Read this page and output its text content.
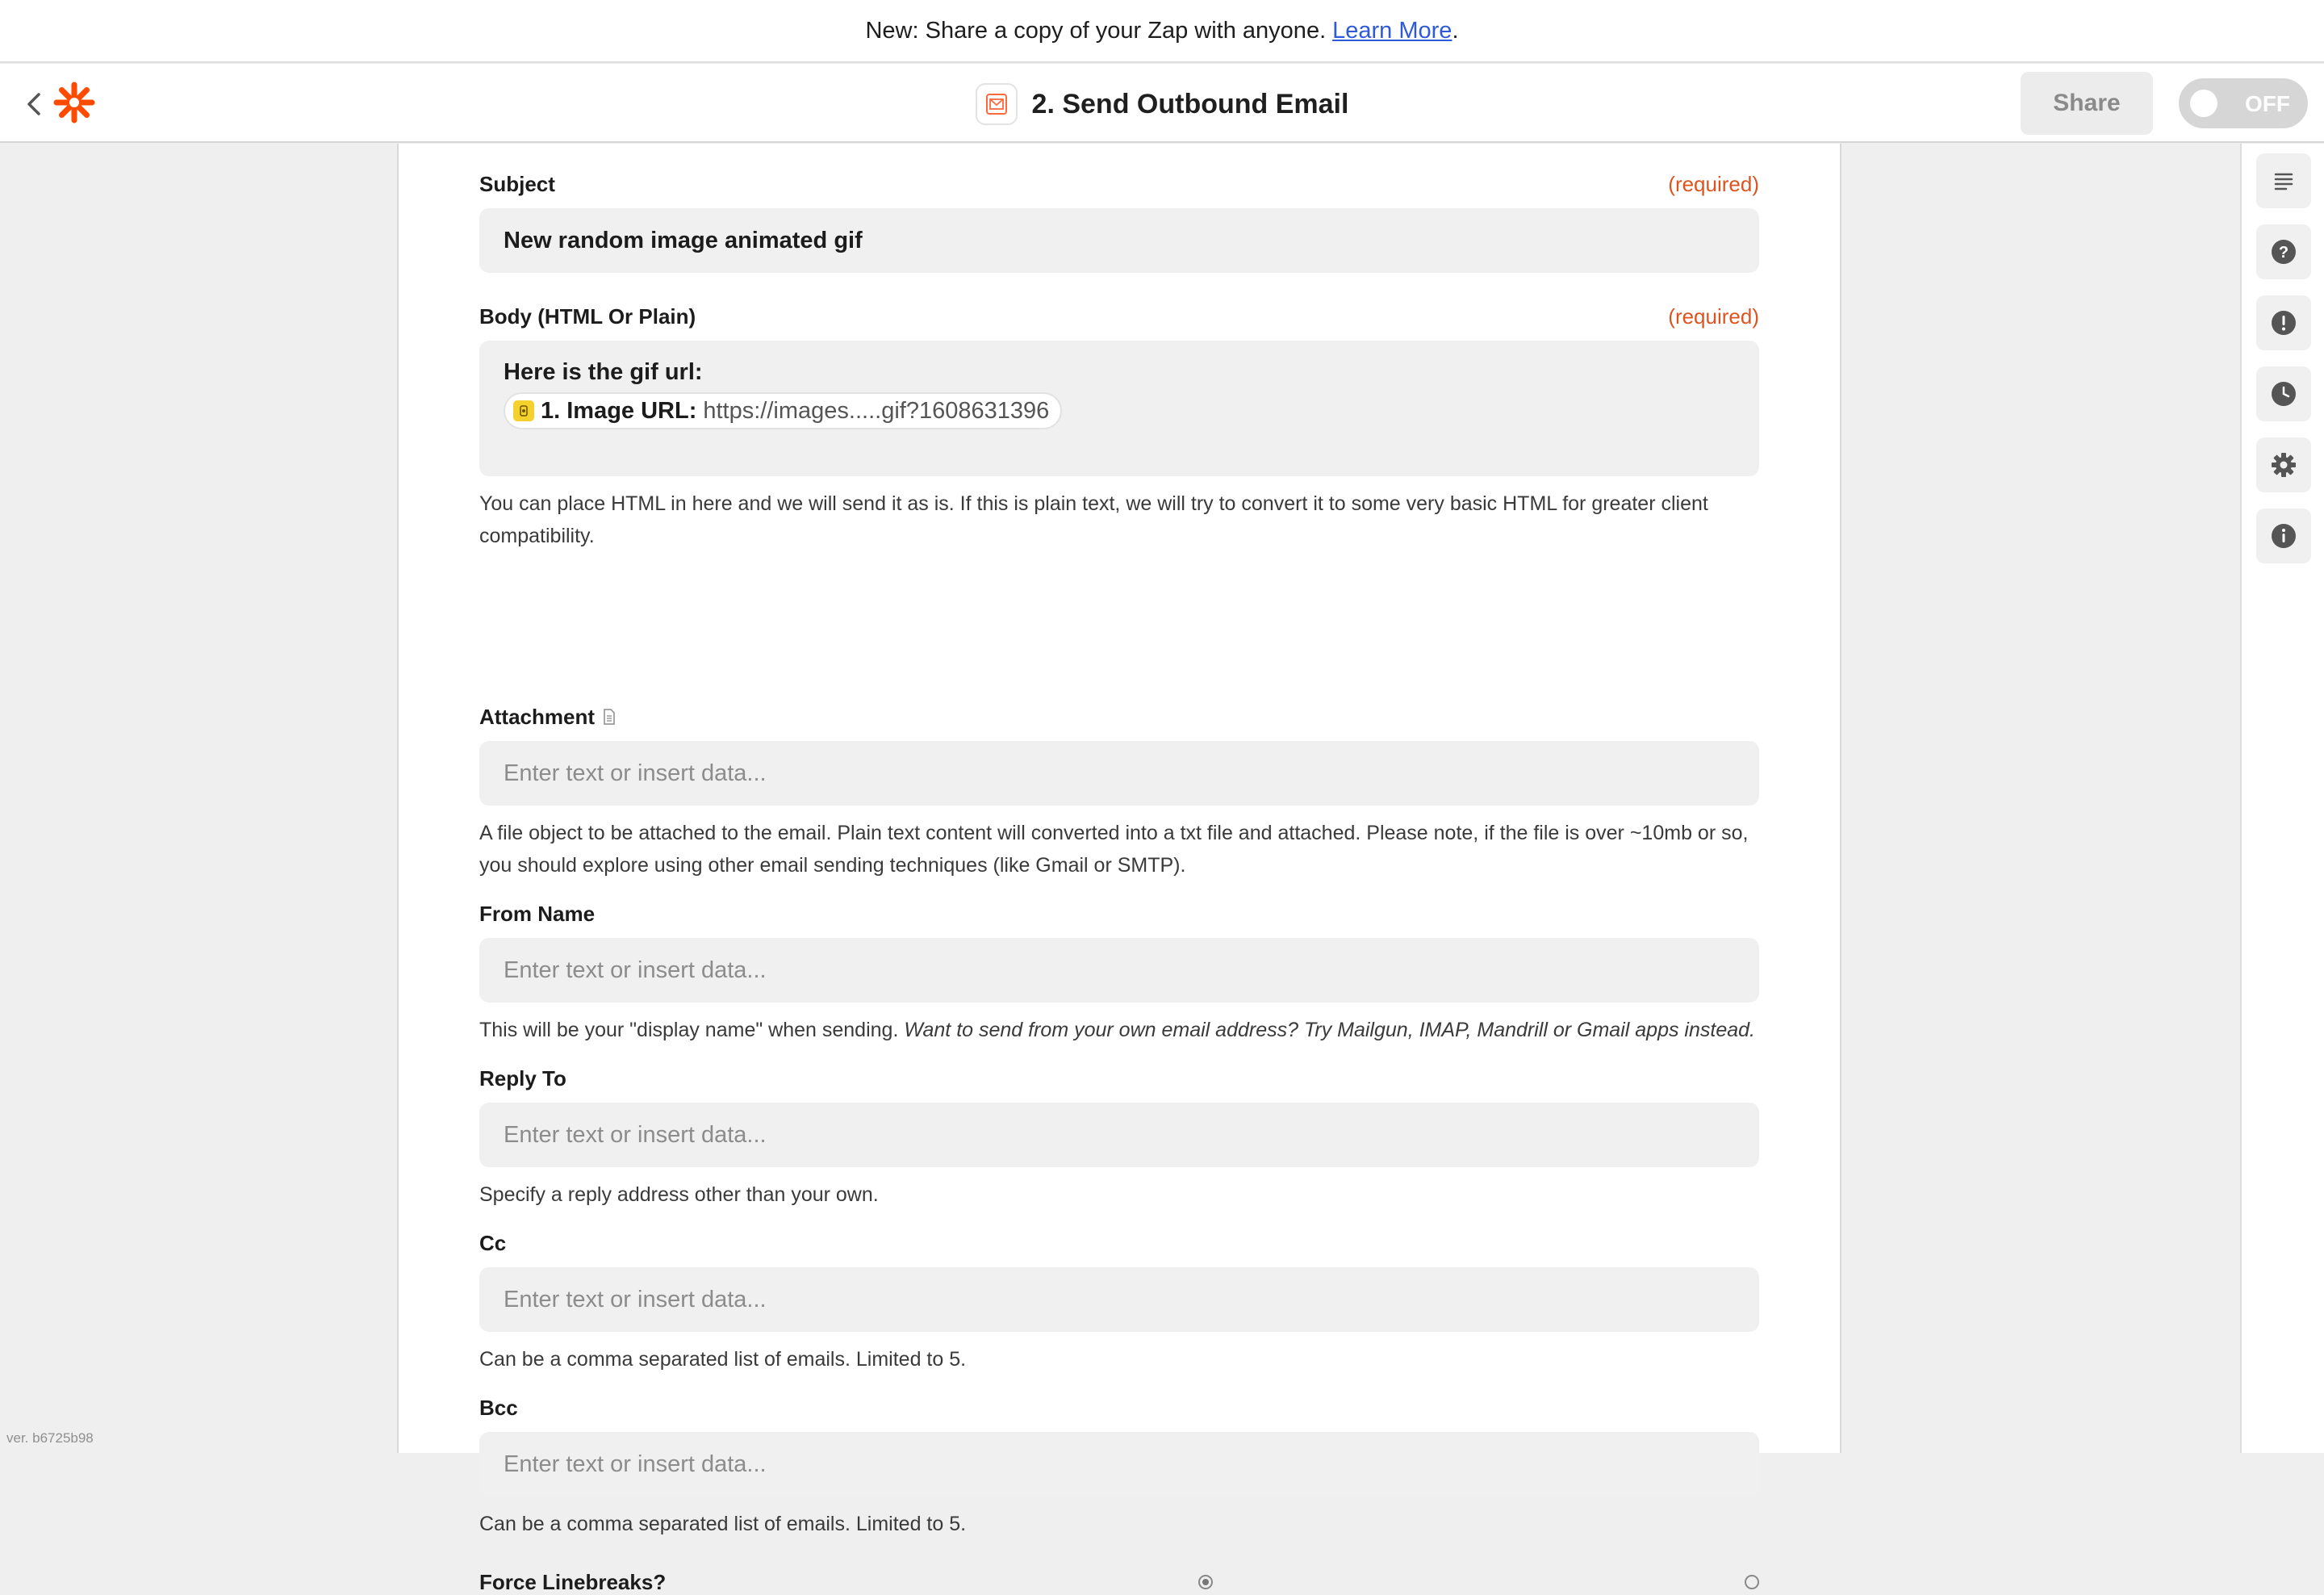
New: Share a copy of your Zap with anyone. Learn More .
2. Send Outbound Email	Share	OFF
Subject	(required)
New random image animated gif
Body (HTML Or Plain)	(required)
Here is the gif url:
1. Image URL: https://images.....gif?1608631396
You can place HTML in here and we will send it as is. If this is plain text, we will try to convert it to some very basic HTML for greater client compatibility.
Attachment
Enter text or insert data...
A file object to be attached to the email. Plain text content will converted into a txt file and attached. Please note, if the file is over ~10mb or so, you should explore using other email sending techniques (like Gmail or SMTP).
From Name
Enter text or insert data...
This will be your "display name" when sending. Want to send from your own email address? Try Mailgun, IMAP, Mandrill or Gmail apps instead.
Reply To
Enter text or insert data...
Specify a reply address other than your own.
Cc
Enter text or insert data...
Can be a comma separated list of emails. Limited to 5.
Bcc
Enter text or insert data...
Can be a comma separated list of emails. Limited to 5.
Force Linebreaks?
?
ver. b6725b98
